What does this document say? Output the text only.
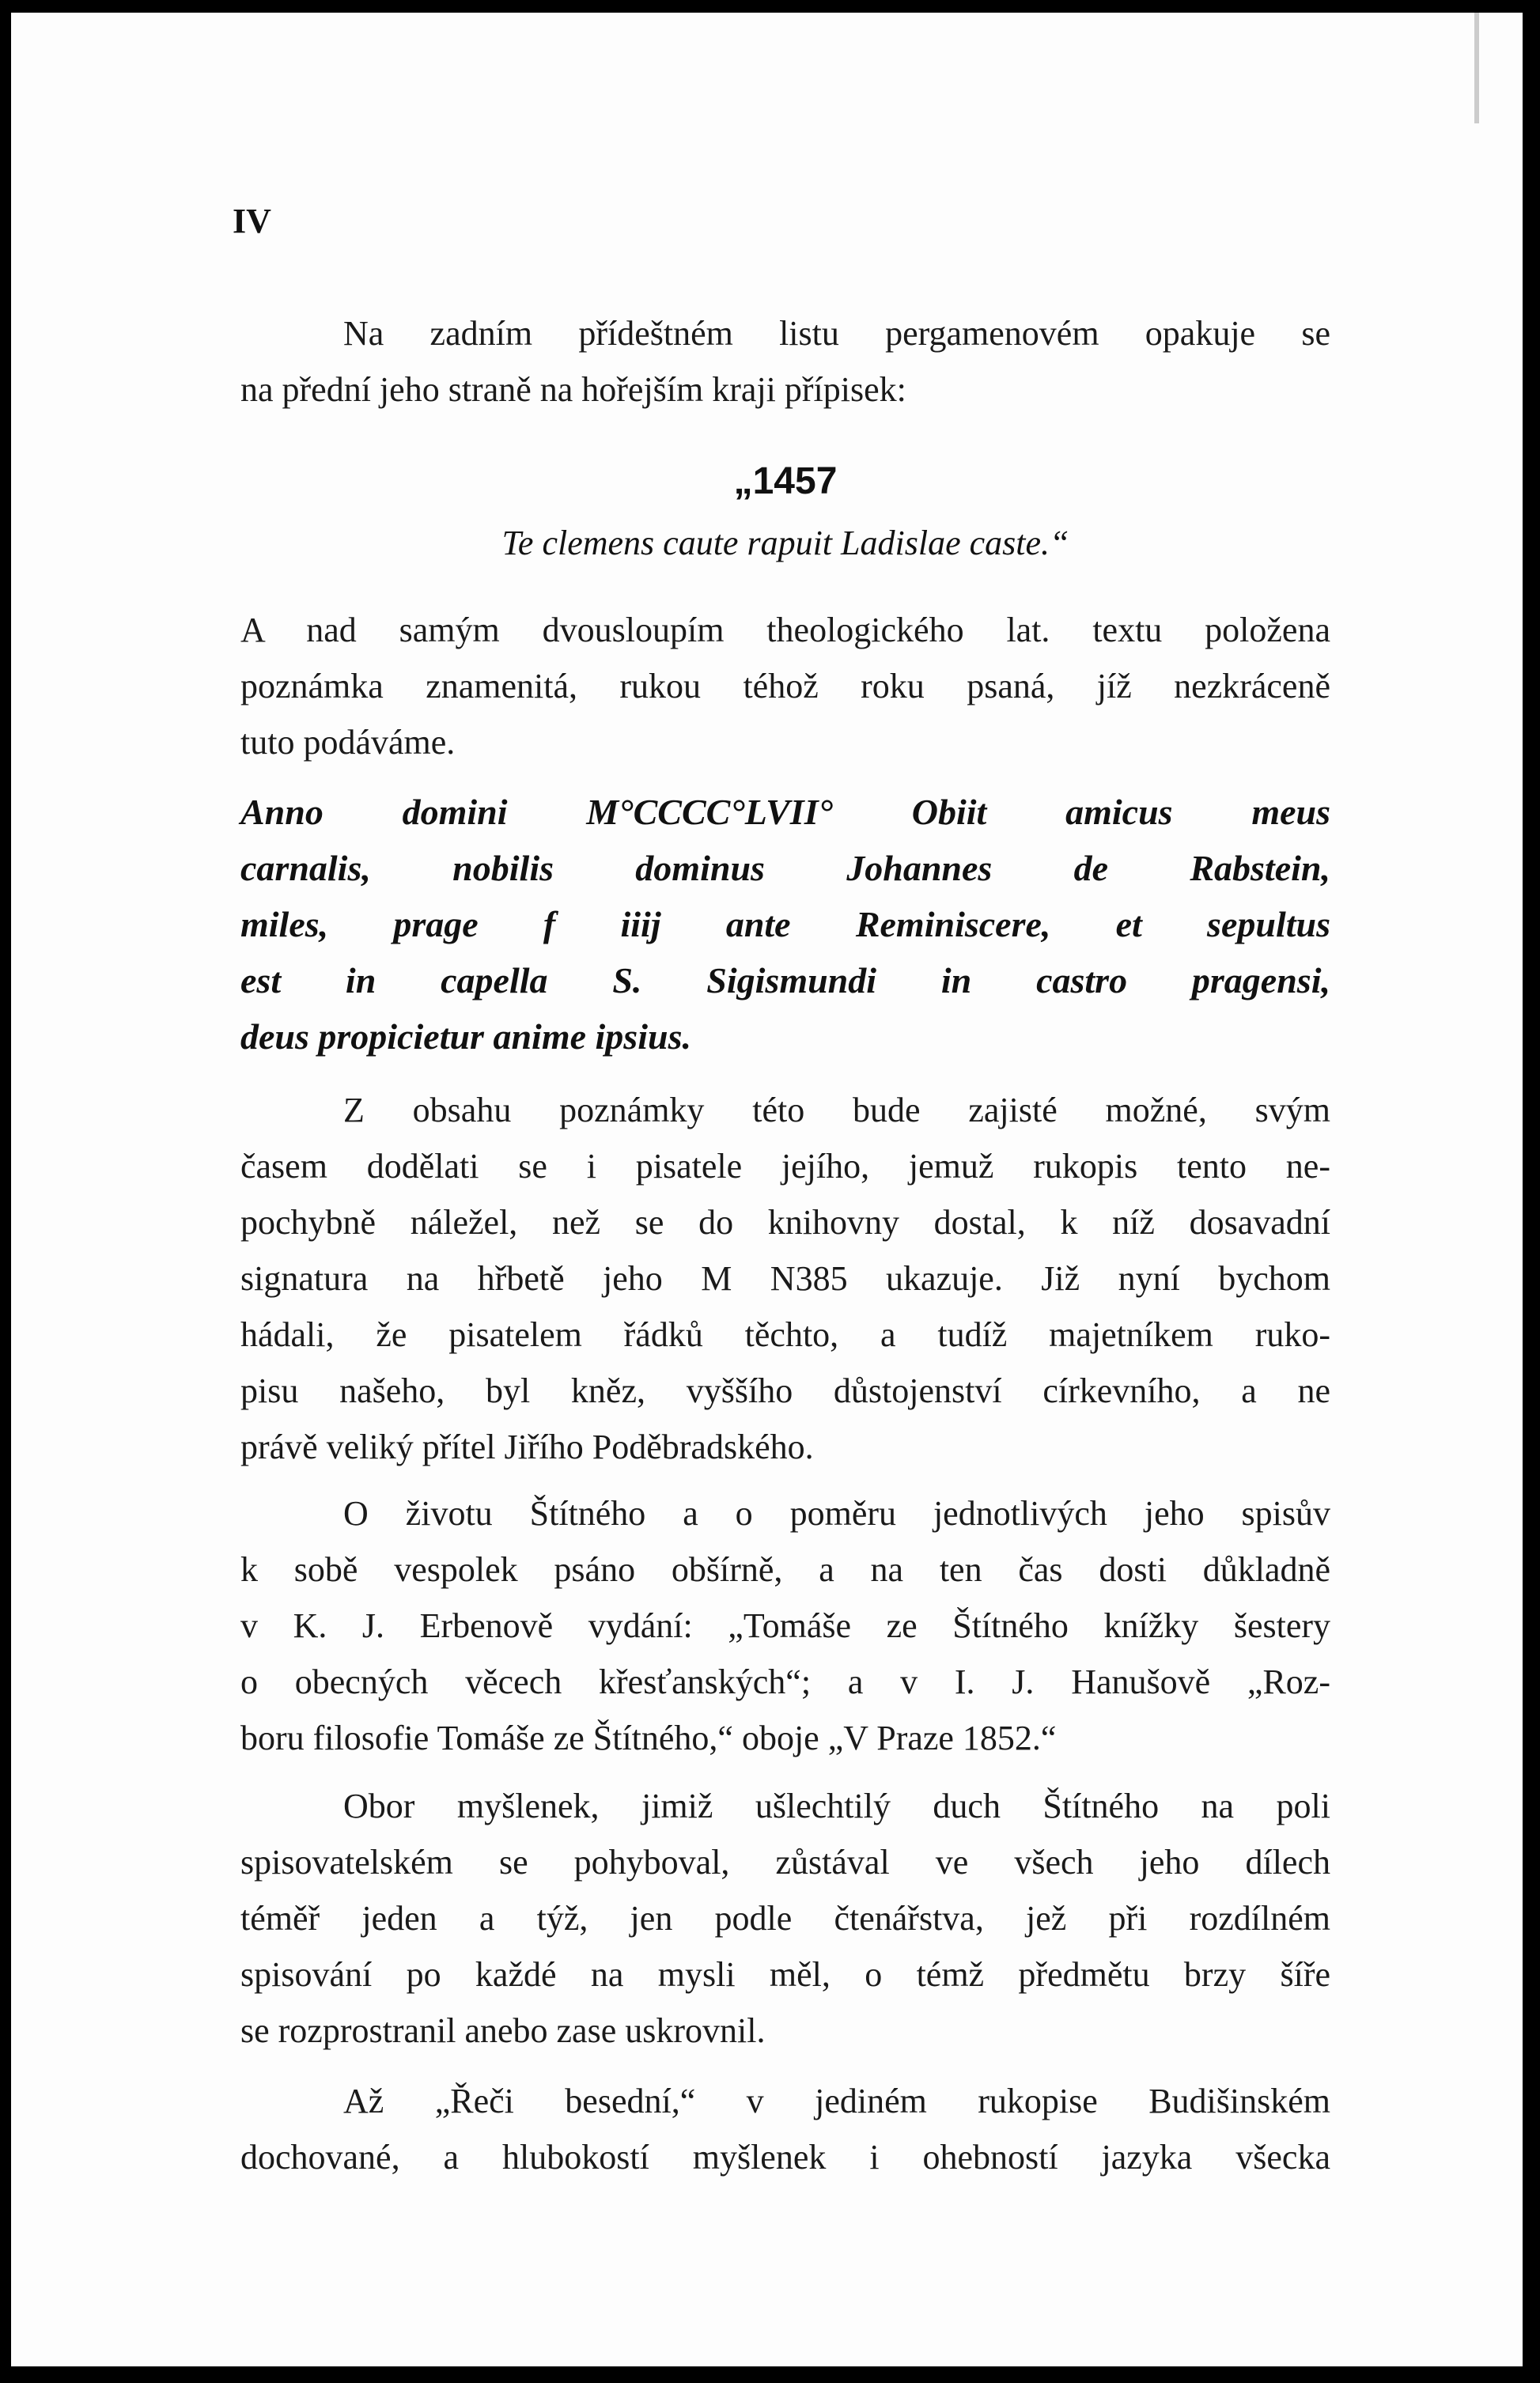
IV
Na zadním přídeštném listu pergamenovém opakuje se
na přední jeho straně na hořejším kraji přípisek:
„1457
Te clemens caute rapuit Ladislae caste.“
A nad samým dvousloupím theologického lat. textu položena
poznámka znamenitá, rukou téhož roku psaná, jíž nezkráceně
tuto podáváme.
Anno domini M°CCCC°LVII° Obiit amicus meus
carnalis, nobilis dominus Johannes de Rabstein,
miles, prage f iiij ante Reminiscere, et sepultus
est in capella S. Sigismundi in castro pragensi,
deus propicietur anime ipsius.
Z obsahu poznámky této bude zajisté možné, svým
časem dodělati se i pisatele jejího, jemuž rukopis tento ne-
pochybně náležel, než se do knihovny dostal, k níž dosavadní
signatura na hřbetě jeho M N385 ukazuje. Již nyní bychom
hádali, že pisatelem řádků těchto, a tudíž majetníkem ruko-
pisu našeho, byl kněz, vyššího důstojenství církevního, a ne
právě veliký přítel Jiřího Poděbradského.
O životu Štítného a o poměru jednotlivých jeho spisův
k sobě vespolek psáno obšírně, a na ten čas dosti důkladně
v K. J. Erbenově vydání: „Tomáše ze Štítného knížky šestery
o obecných věcech křesťanských“; a v I. J. Hanušově „Roz-
boru filosofie Tomáše ze Štítného,“ oboje „V Praze 1852.“
Obor myšlenek, jimiž ušlechtilý duch Štítného na poli
spisovatelském se pohyboval, zůstával ve všech jeho dílech
téměř jeden a týž, jen podle čtenářstva, jež při rozdílném
spisování po každé na mysli měl, o témž předmětu brzy šíře
se rozprostranil anebo zase uskrovnil.
Až „Řeči besední,“ v jediném rukopise Budišinském
dochované, a hlubokostí myšlenek i ohebností jazyka všecka
